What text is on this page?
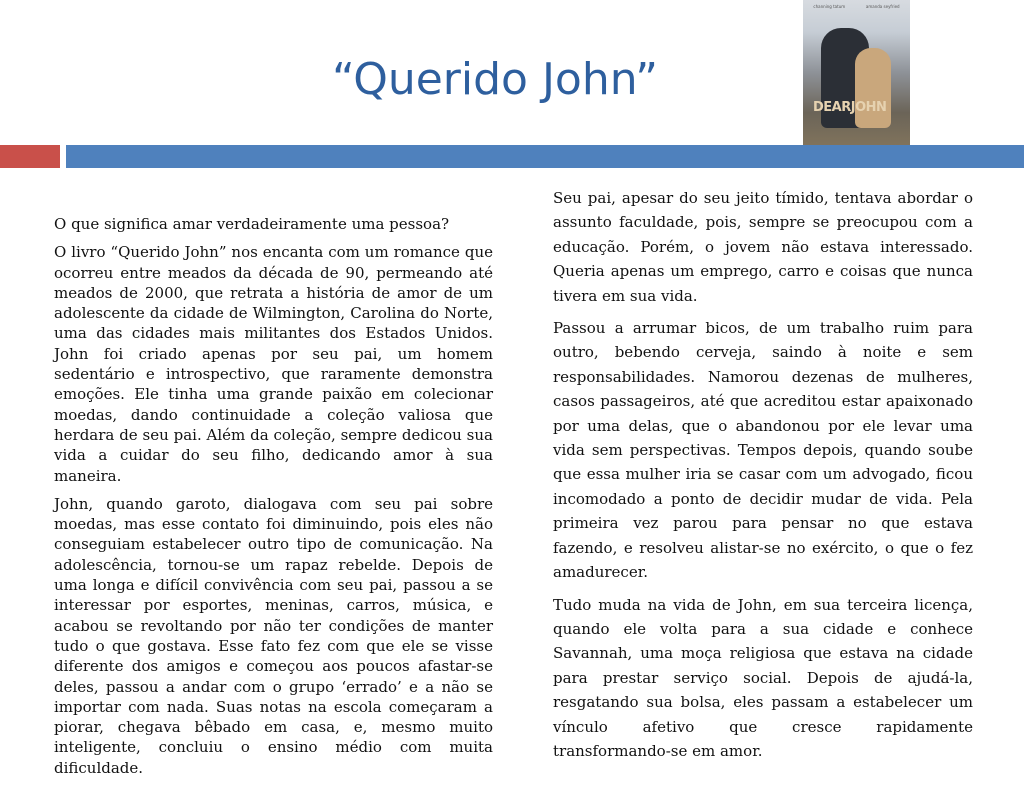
“Querido John”
channing tatum	amanda seyfried
DEARJOHN

O que significa amar verdadeiramente uma pessoa?

O livro “Querido John” nos encanta com um romance que ocorreu entre meados da década de 90, permeando até meados de 2000, que retrata a história de amor de um adolescente da cidade de Wilmington, Carolina do Norte, uma das cidades mais militantes dos Estados Unidos. John foi criado apenas por seu pai, um homem sedentário e introspectivo, que raramente demonstra emoções. Ele tinha uma grande paixão em colecionar moedas, dando continuidade a coleção valiosa que herdara de seu pai. Além da coleção, sempre dedicou sua vida a cuidar do seu filho, dedicando amor à sua maneira.

John, quando garoto, dialogava com seu pai sobre moedas, mas esse contato foi diminuindo, pois eles não conseguiam estabelecer outro tipo de comunicação. Na adolescência, tornou-se um rapaz rebelde. Depois de uma longa e difícil convivência com seu pai, passou a se interessar por esportes, meninas, carros, música, e acabou se revoltando por não ter condições de manter tudo o que gostava. Esse fato fez com que ele se visse diferente dos amigos e começou aos poucos afastar-se deles, passou a andar com o grupo ‘errado’ e a não se importar com nada. Suas notas na escola começaram a piorar, chegava bêbado em casa, e, mesmo muito inteligente, concluiu o ensino médio com muita dificuldade.

Seu pai, apesar do seu jeito tímido, tentava abordar o assunto faculdade, pois, sempre se preocupou com a educação. Porém, o jovem não estava interessado. Queria apenas um emprego, carro e coisas que nunca tivera em sua vida.

Passou a arrumar bicos, de um trabalho ruim para outro, bebendo cerveja, saindo à noite e sem responsabilidades. Namorou dezenas de mulheres, casos passageiros, até que acreditou estar apaixonado por uma delas, que o abandonou por ele levar uma vida sem perspectivas. Tempos depois, quando soube que essa mulher iria se casar com um advogado, ficou incomodado a ponto de decidir mudar de vida. Pela primeira vez parou para pensar no que estava fazendo, e resolveu alistar-se no exército, o que o fez amadurecer.

Tudo muda na vida de John, em sua terceira licença, quando ele volta para a sua cidade e conhece Savannah, uma moça religiosa que estava na cidade para prestar serviço social. Depois de ajudá-la, resgatando sua bolsa, eles passam a estabelecer um vínculo afetivo que cresce rapidamente transformando-se em amor.
